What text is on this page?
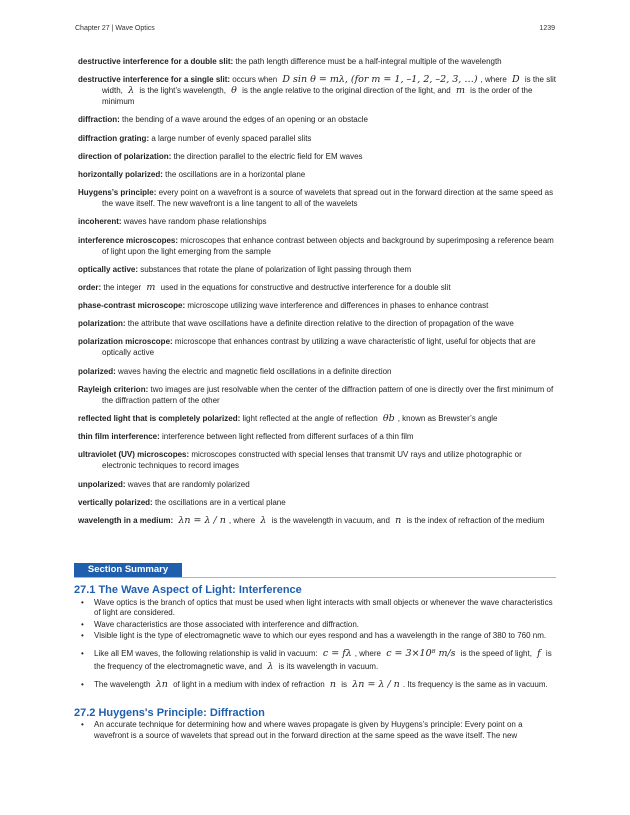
Chapter 27 | Wave Optics	1239
destructive interference for a double slit: the path length difference must be a half-integral multiple of the wavelength
destructive interference for a single slit: occurs when D sin θ = mλ, (for m = 1, –1, 2, –2, 3, …) , where D is the slit width, λ is the light’s wavelength, θ is the angle relative to the original direction of the light, and m is the order of the minimum
diffraction: the bending of a wave around the edges of an opening or an obstacle
diffraction grating: a large number of evenly spaced parallel slits
direction of polarization: the direction parallel to the electric field for EM waves
horizontally polarized: the oscillations are in a horizontal plane
Huygens’s principle: every point on a wavefront is a source of wavelets that spread out in the forward direction at the same speed as the wave itself. The new wavefront is a line tangent to all of the wavelets
incoherent: waves have random phase relationships
interference microscopes: microscopes that enhance contrast between objects and background by superimposing a reference beam of light upon the light emerging from the sample
optically active: substances that rotate the plane of polarization of light passing through them
order: the integer m used in the equations for constructive and destructive interference for a double slit
phase-contrast microscope: microscope utilizing wave interference and differences in phases to enhance contrast
polarization: the attribute that wave oscillations have a definite direction relative to the direction of propagation of the wave
polarization microscope: microscope that enhances contrast by utilizing a wave characteristic of light, useful for objects that are optically active
polarized: waves having the electric and magnetic field oscillations in a definite direction
Rayleigh criterion: two images are just resolvable when the center of the diffraction pattern of one is directly over the first minimum of the diffraction pattern of the other
reflected light that is completely polarized: light reflected at the angle of reflection θb , known as Brewster’s angle
thin film interference: interference between light reflected from different surfaces of a thin film
ultraviolet (UV) microscopes: microscopes constructed with special lenses that transmit UV rays and utilize photographic or electronic techniques to record images
unpolarized: waves that are randomly polarized
vertically polarized: the oscillations are in a vertical plane
wavelength in a medium: λn = λ / n , where λ is the wavelength in vacuum, and n is the index of refraction of the medium
Section Summary
27.1 The Wave Aspect of Light: Interference
• Wave optics is the branch of optics that must be used when light interacts with small objects or whenever the wave characteristics of light are considered.
• Wave characteristics are those associated with interference and diffraction.
• Visible light is the type of electromagnetic wave to which our eyes respond and has a wavelength in the range of 380 to 760 nm.
• Like all EM waves, the following relationship is valid in vacuum: c = fλ , where c = 3×10⁸ m/s is the speed of light, f is the frequency of the electromagnetic wave, and λ is its wavelength in vacuum.
• The wavelength λn of light in a medium with index of refraction n is λn = λ / n . Its frequency is the same as in vacuum.
27.2 Huygens's Principle: Diffraction
• An accurate technique for determining how and where waves propagate is given by Huygens’s principle: Every point on a wavefront is a source of wavelets that spread out in the forward direction at the same speed as the wave itself. The new
